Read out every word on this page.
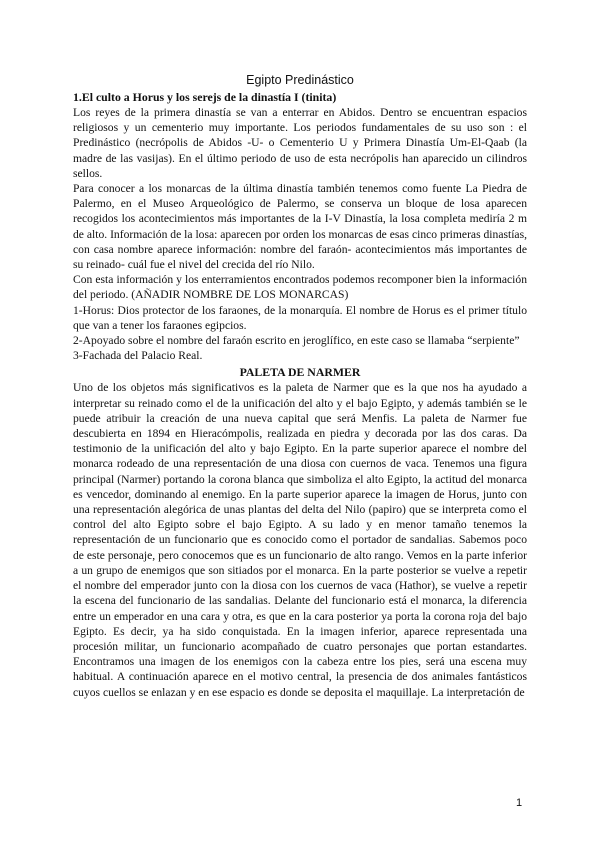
Egipto Predinástico
1.El culto a Horus y los serejs de la dinastía I (tinita)

Los reyes de la primera dinastía se van a enterrar en Abidos. Dentro se encuentran espacios religiosos y un cementerio muy importante. Los periodos fundamentales de su uso son : el Predinástico (necrópolis de Abidos -U- o Cementerio U y Primera Dinastía Um-El-Qaab (la madre de las vasijas). En el último periodo de uso de esta necrópolis han aparecido un cilindros sellos.

Para conocer a los monarcas de la última dinastía también tenemos como fuente La Piedra de Palermo, en el Museo Arqueológico de Palermo, se conserva un bloque de losa aparecen recogidos los acontecimientos más importantes de la I-V Dinastía, la losa completa mediría 2 m de alto. Información de la losa: aparecen por orden los monarcas de esas cinco primeras dinastías, con casa nombre aparece información: nombre del faraón- acontecimientos más importantes de su reinado- cuál fue el nivel del crecida del río Nilo.

Con esta información y los enterramientos encontrados podemos recomponer bien la información del periodo. (AÑADIR NOMBRE DE LOS MONARCAS)

1-Horus: Dios protector de los faraones, de la monarquía. El nombre de Horus es el primer título que van a tener los faraones egipcios.

2-Apoyado sobre el nombre del faraón escrito en jeroglífico, en este caso se llamaba “serpiente”

3-Fachada del Palacio Real.

PALETA DE NARMER

Uno de los objetos más significativos es la paleta de Narmer que es la que nos ha ayudado a interpretar su reinado como el de la unificación del alto y el bajo Egipto, y además también se le puede atribuir la creación de una nueva capital que será Menfis. La paleta de Narmer fue descubierta en 1894 en Hieracómpolis, realizada en piedra y decorada por las dos caras. Da testimonio de la unificación del alto y bajo Egipto. En la parte superior aparece el nombre del monarca rodeado de una representación de una diosa con cuernos de vaca. Tenemos una figura principal (Narmer) portando la corona blanca que simboliza el alto Egipto, la actitud del monarca es vencedor, dominando al enemigo. En la parte superior aparece la imagen de Horus, junto con una representación alegórica de unas plantas del delta del Nilo (papiro) que se interpreta como el control del alto Egipto sobre el bajo Egipto. A su lado y en menor tamaño tenemos la representación de un funcionario que es conocido como el portador de sandalias. Sabemos poco de este personaje, pero conocemos que es un funcionario de alto rango. Vemos en la parte inferior a un grupo de enemigos que son sitiados por el monarca. En la parte posterior se vuelve a repetir el nombre del emperador junto con la diosa con los cuernos de vaca (Hathor), se vuelve a repetir la escena del funcionario de las sandalias. Delante del funcionario está el monarca, la diferencia entre un emperador en una cara y otra, es que en la cara posterior ya porta la corona roja del bajo Egipto. Es decir, ya ha sido conquistada. En la imagen inferior, aparece representada una procesión militar, un funcionario acompañado de cuatro personajes que portan estandartes. Encontramos una imagen de los enemigos con la cabeza entre los pies, será una escena muy habitual. A continuación aparece en el motivo central, la presencia de dos animales fantásticos cuyos cuellos se enlazan y en ese espacio es donde se deposita el maquillaje. La interpretación de

1
